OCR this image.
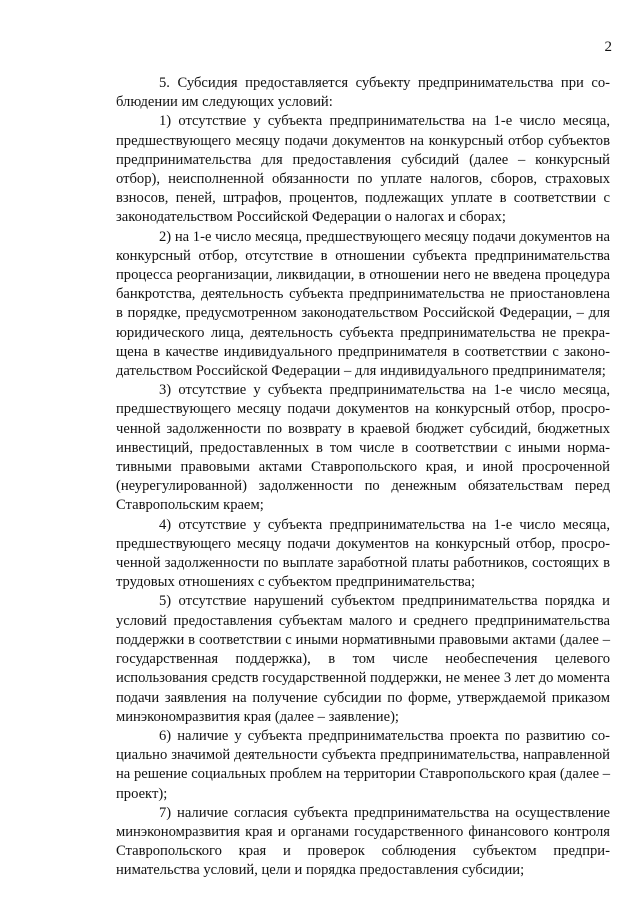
2

5. Субсидия предоставляется субъекту предпринимательства при соблюдении им следующих условий:

1) отсутствие у субъекта предпринимательства на 1-е число месяца, предшествующего месяцу подачи документов на конкурсный отбор субъектов предпринимательства для предоставления субсидий (далее – конкурсный отбор), неисполненной обязанности по уплате налогов, сборов, страховых взносов, пеней, штрафов, процентов, подлежащих уплате в соответствии с законодательством Российской Федерации о налогах и сборах;

2) на 1-е число месяца, предшествующего месяцу подачи документов на конкурсный отбор, отсутствие в отношении субъекта предпринимательства процесса реорганизации, ликвидации, в отношении него не введена процедура банкротства, деятельность субъекта предпринимательства не приостановлена в порядке, предусмотренном законодательством Российской Федерации, – для юридического лица, деятельность субъекта предпринимательства не прекращена в качестве индивидуального предпринимателя в соответствии с законодательством Российской Федерации – для индивидуального предпринимателя;

3) отсутствие у субъекта предпринимательства на 1-е число месяца, предшествующего месяцу подачи документов на конкурсный отбор, просроченной задолженности по возврату в краевой бюджет субсидий, бюджетных инвестиций, предоставленных в том числе в соответствии с иными нормативными правовыми актами Ставропольского края, и иной просроченной (неурегулированной) задолженности по денежным обязательствам перед Ставропольским краем;

4) отсутствие у субъекта предпринимательства на 1-е число месяца, предшествующего месяцу подачи документов на конкурсный отбор, просроченной задолженности по выплате заработной платы работников, состоящих в трудовых отношениях с субъектом предпринимательства;

5) отсутствие нарушений субъектом предпринимательства порядка и условий предоставления субъектам малого и среднего предпринимательства поддержки в соответствии с иными нормативными правовыми актами (далее – государственная поддержка), в том числе необеспечения целевого использования средств государственной поддержки, не менее 3 лет до момента подачи заявления на получение субсидии по форме, утверждаемой приказом минэкономразвития края (далее – заявление);

6) наличие у субъекта предпринимательства проекта по развитию социально значимой деятельности субъекта предпринимательства, направленной на решение социальных проблем на территории Ставропольского края (далее – проект);

7) наличие согласия субъекта предпринимательства на осуществление минэкономразвития края и органами государственного финансового контроля Ставропольского края и проверок соблюдения субъектом предпринимательства условий, цели и порядка предоставления субсидии;
